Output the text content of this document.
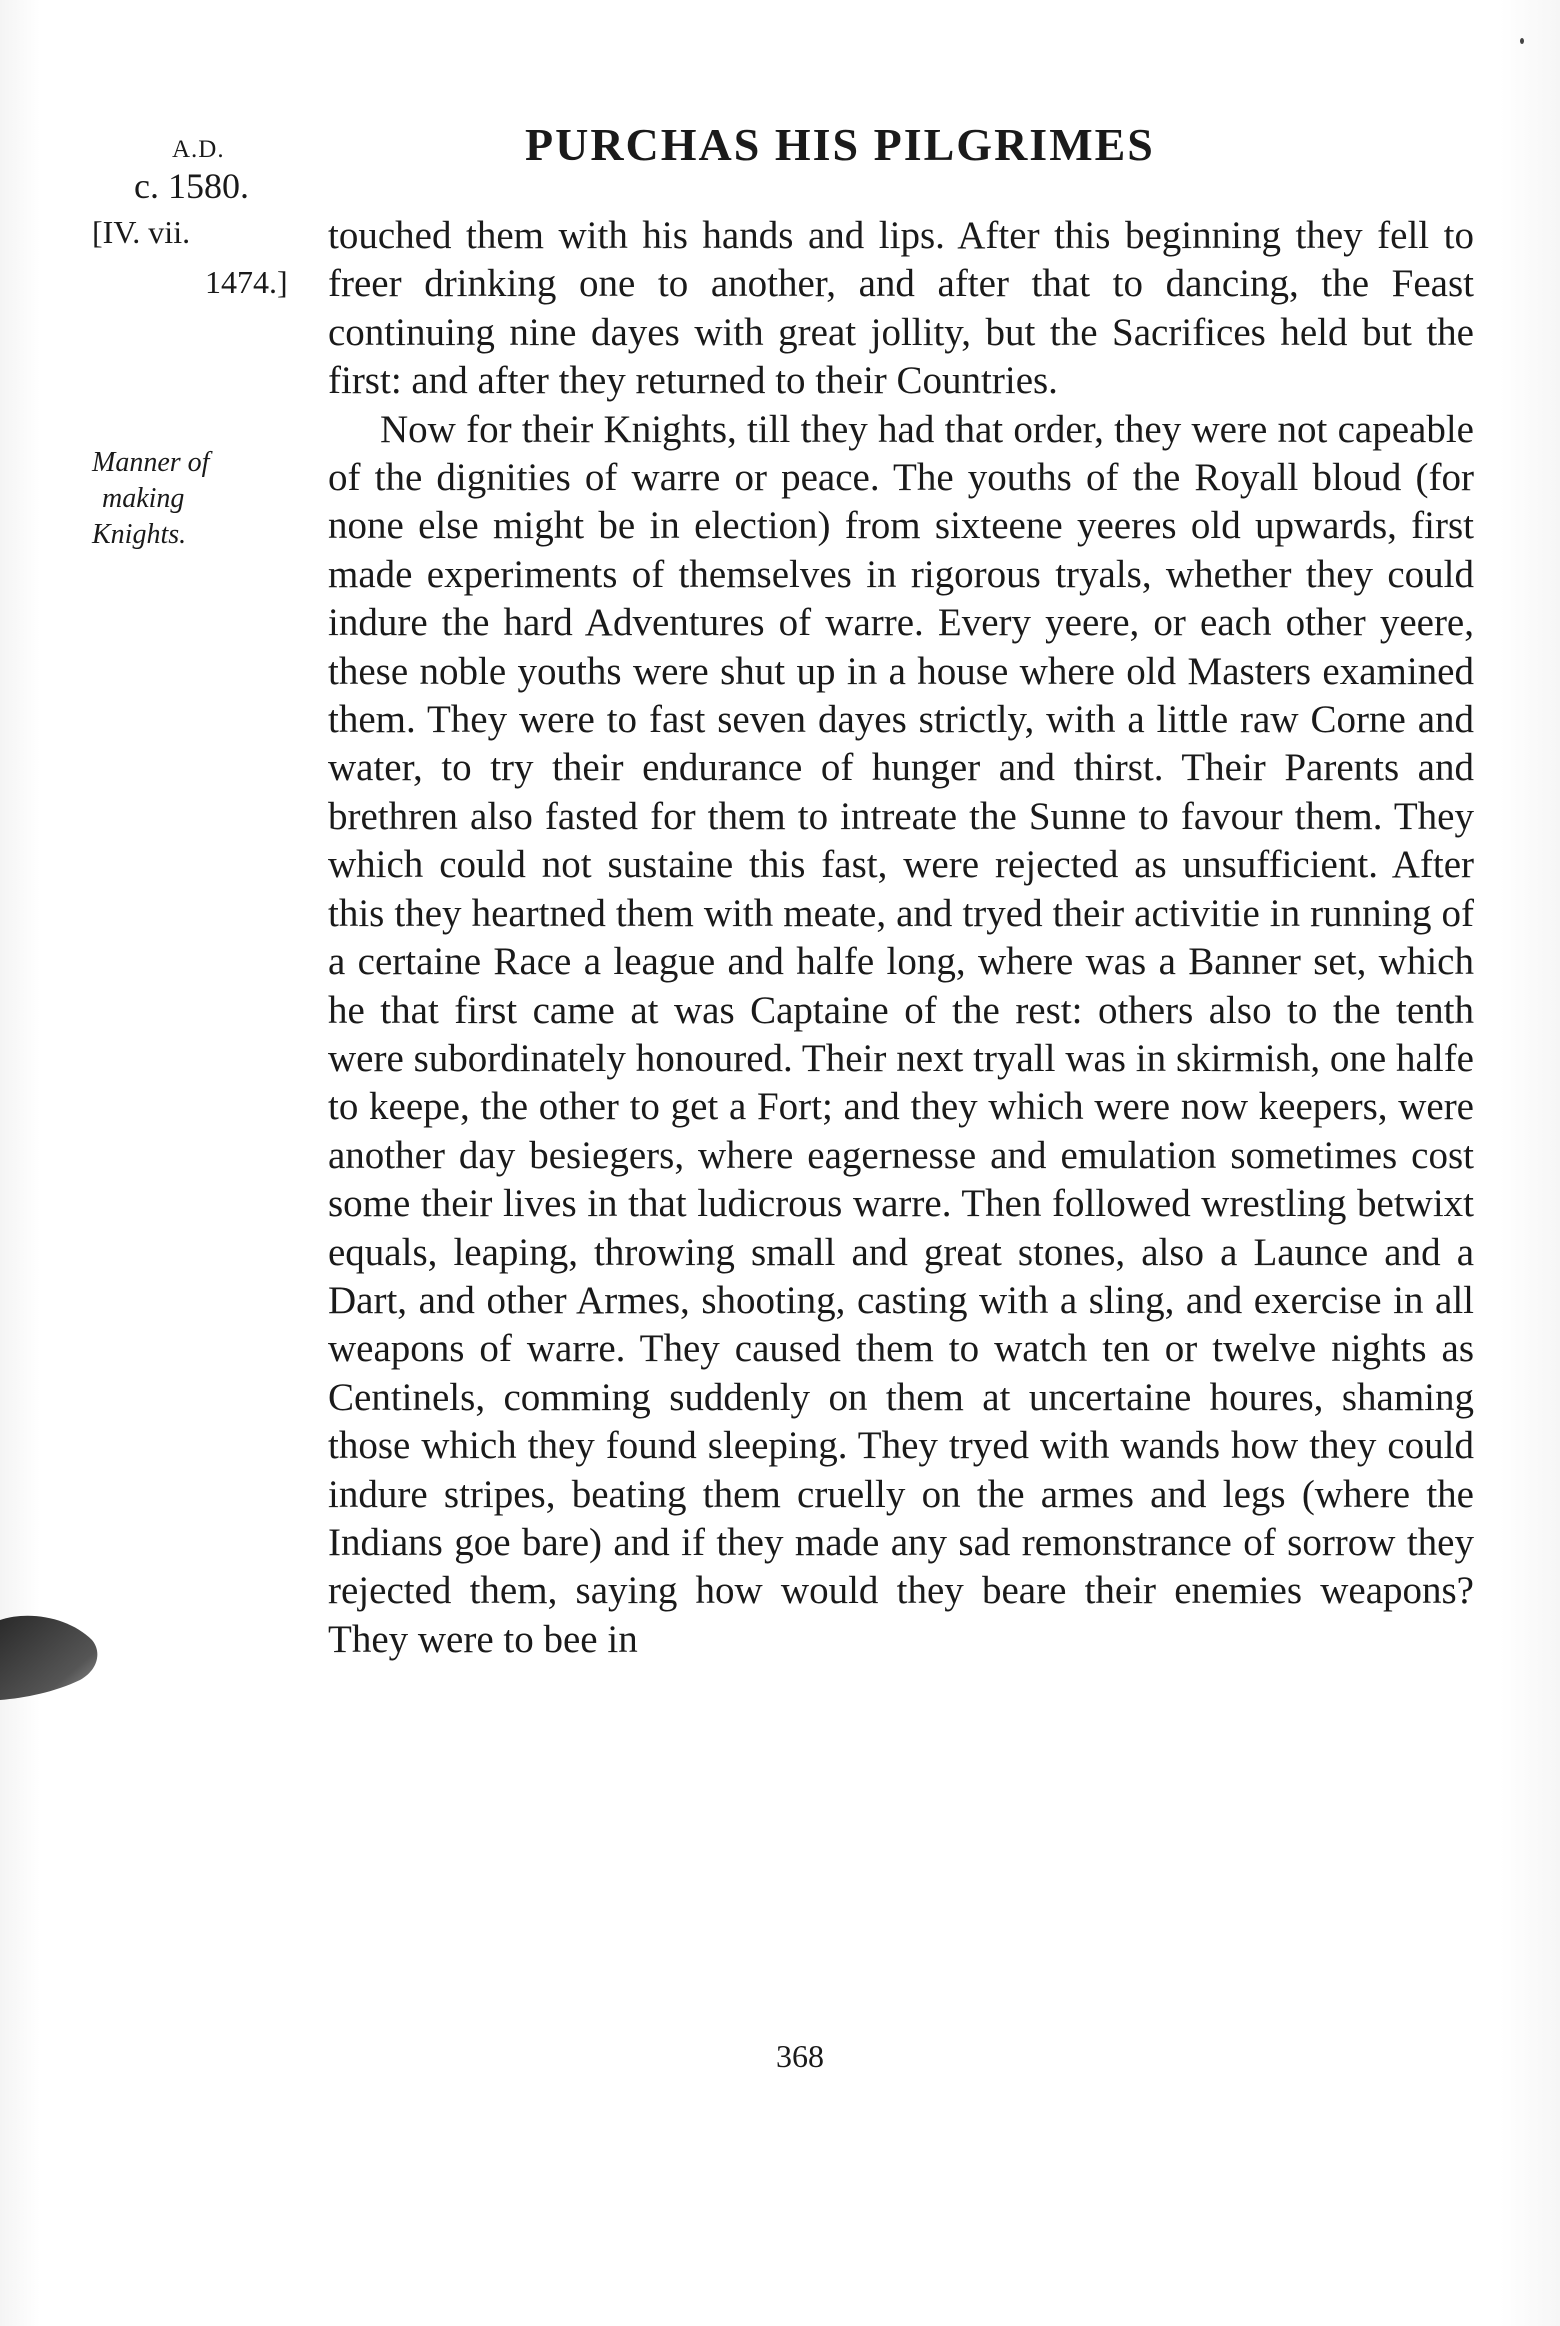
A.D.	PURCHAS HIS PILGRIMES
c. 1580.
[IV. vii.
1474.]
Manner of
making
Knights.

touched them with his hands and lips. After this beginning they fell to freer drinking one to another, and after that to dancing, the Feast continuing nine dayes with great jollity, but the Sacrifices held but the first: and after they returned to their Countries.

Now for their Knights, till they had that order, they were not capeable of the dignities of warre or peace. The youths of the Royall bloud (for none else might be in election) from sixteene yeeres old upwards, first made experiments of themselves in rigorous tryals, whether they could indure the hard Adventures of warre. Every yeere, or each other yeere, these noble youths were shut up in a house where old Masters examined them. They were to fast seven dayes strictly, with a little raw Corne and water, to try their endurance of hunger and thirst. Their Parents and brethren also fasted for them to intreate the Sunne to favour them. They which could not sustaine this fast, were rejected as unsufficient. After this they heartned them with meate, and tryed their activitie in running of a certaine Race a league and halfe long, where was a Banner set, which he that first came at was Captaine of the rest: others also to the tenth were subordinately honoured. Their next tryall was in skirmish, one halfe to keepe, the other to get a Fort; and they which were now keepers, were another day besiegers, where eagernesse and emulation sometimes cost some their lives in that ludicrous warre. Then followed wrestling betwixt equals, leaping, throwing small and great stones, also a Launce and a Dart, and other Armes, shooting, casting with a sling, and exercise in all weapons of warre. They caused them to watch ten or twelve nights as Centinels, comming suddenly on them at uncertaine houres, shaming those which they found sleeping. They tryed with wands how they could indure stripes, beating them cruelly on the armes and legs (where the Indians goe bare) and if they made any sad remonstrance of sorrow they rejected them, saying how would they beare their enemies weapons? They were to bee in

368
